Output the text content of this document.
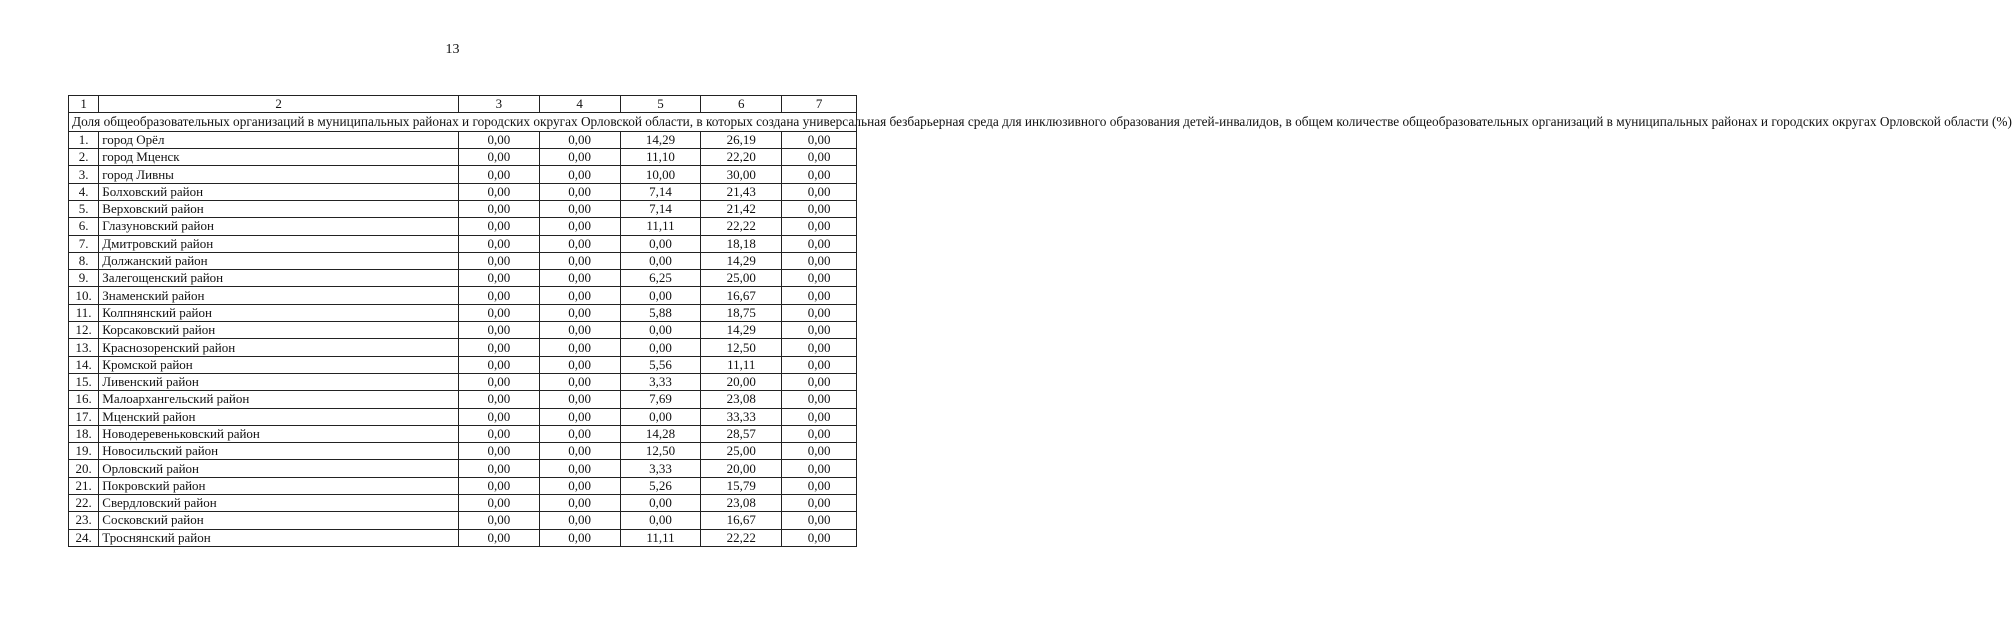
13
1	2	3	4	5	6	7
Доля общеобразовательных организаций в муниципальных районах и городских округах Орловской области, в которых создана универсальная безбарьерная среда для инклюзивного образования детей-инвалидов, в общем количестве общеобразовательных организаций в муниципальных районах и городских округах Орловской области (%)						
1.	город Орёл	0,00	0,00	14,29	26,19	0,00
2.	город Мценск	0,00	0,00	11,10	22,20	0,00
3.	город Ливны	0,00	0,00	10,00	30,00	0,00
4.	Болховский район	0,00	0,00	7,14	21,43	0,00
5.	Верховский район	0,00	0,00	7,14	21,42	0,00
6.	Глазуновский район	0,00	0,00	11,11	22,22	0,00
7.	Дмитровский район	0,00	0,00	0,00	18,18	0,00
8.	Должанский район	0,00	0,00	0,00	14,29	0,00
9.	Залегощенский район	0,00	0,00	6,25	25,00	0,00
10.	Знаменский район	0,00	0,00	0,00	16,67	0,00
11.	Колпнянский район	0,00	0,00	5,88	18,75	0,00
12.	Корсаковский район	0,00	0,00	0,00	14,29	0,00
13.	Краснозоренский район	0,00	0,00	0,00	12,50	0,00
14.	Кромской район	0,00	0,00	5,56	11,11	0,00
15.	Ливенский район	0,00	0,00	3,33	20,00	0,00
16.	Малоархангельский район	0,00	0,00	7,69	23,08	0,00
17.	Мценский район	0,00	0,00	0,00	33,33	0,00
18.	Новодеревеньковский район	0,00	0,00	14,28	28,57	0,00
19.	Новосильский район	0,00	0,00	12,50	25,00	0,00
20.	Орловский район	0,00	0,00	3,33	20,00	0,00
21.	Покровский район	0,00	0,00	5,26	15,79	0,00
22.	Свердловский район	0,00	0,00	0,00	23,08	0,00
23.	Сосковский район	0,00	0,00	0,00	16,67	0,00
24.	Троснянский район	0,00	0,00	11,11	22,22	0,00
